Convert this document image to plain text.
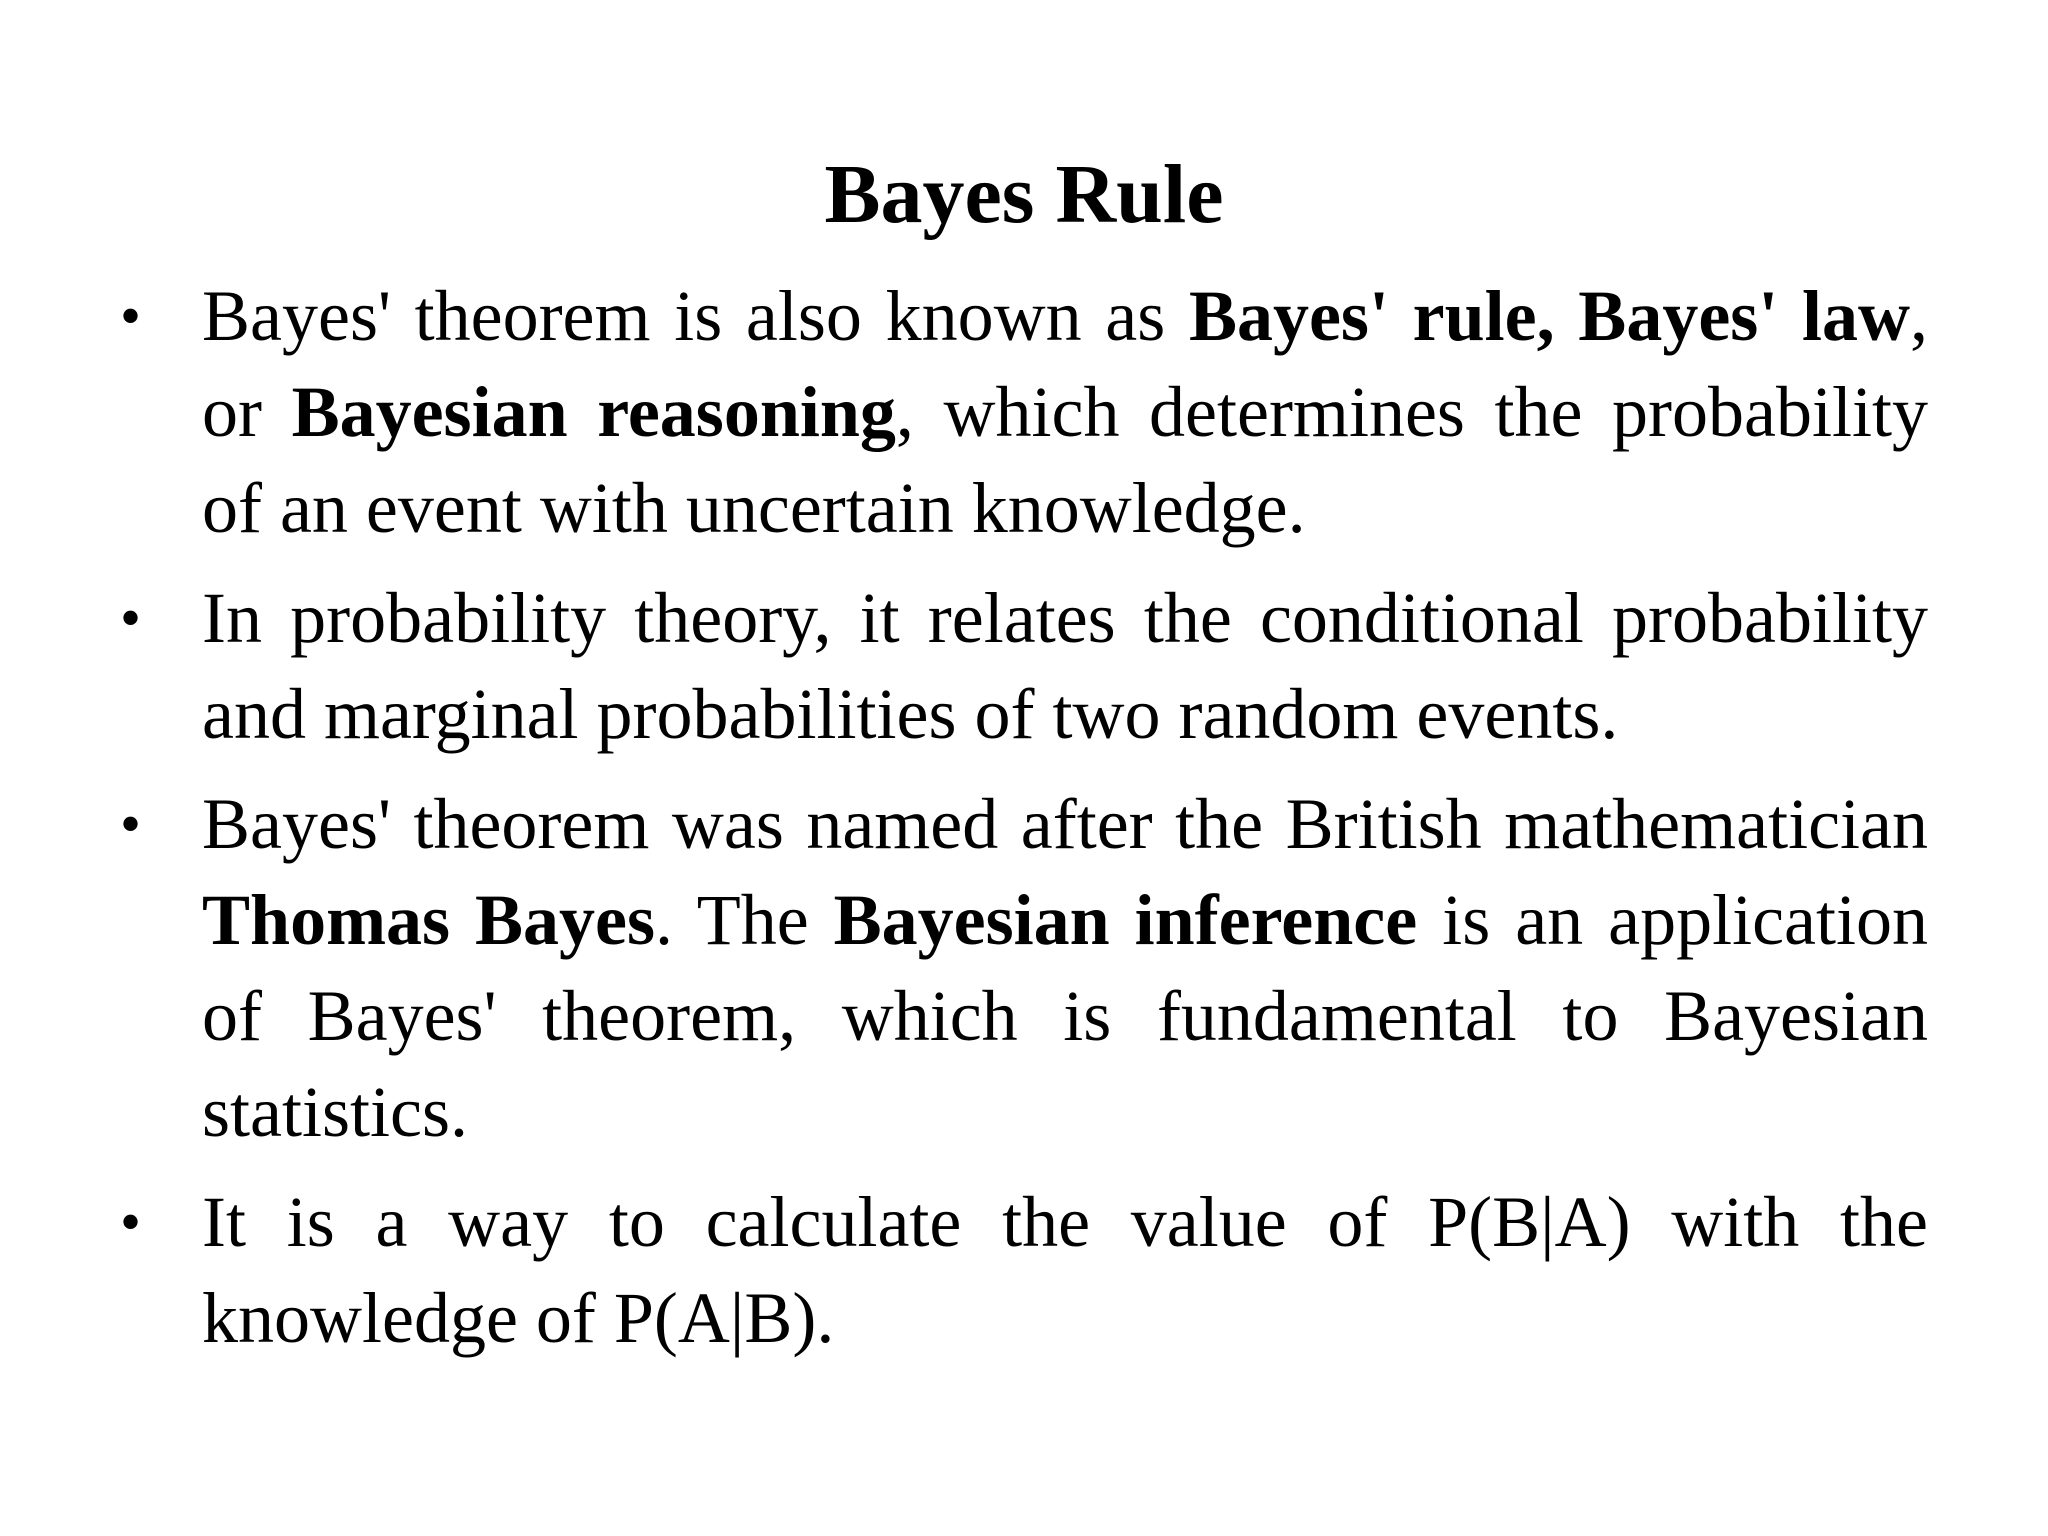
Bayes Rule
• Bayes' theorem is also known as Bayes' rule, Bayes' law, or Bayesian reasoning, which determines the probability of an event with uncertain knowledge.
• In probability theory, it relates the conditional probability and marginal probabilities of two random events.
• Bayes' theorem was named after the British mathematician Thomas Bayes. The Bayesian inference is an application of Bayes' theorem, which is fundamental to Bayesian statistics.
• It is a way to calculate the value of P(B|A) with the knowledge of P(A|B).
